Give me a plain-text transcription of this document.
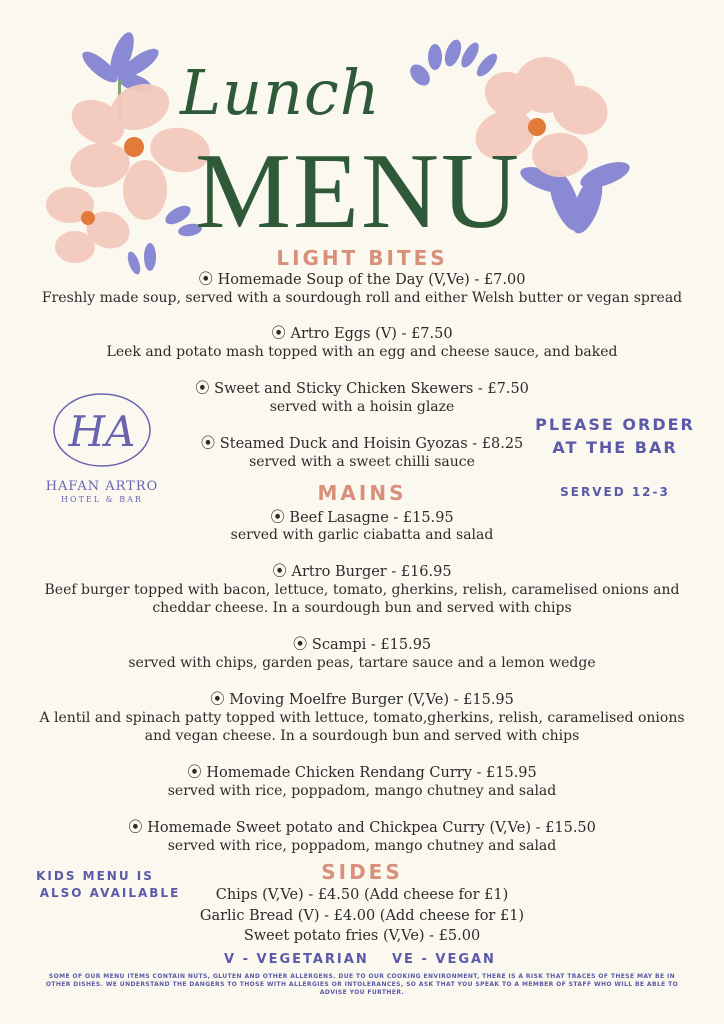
Lunch
MENU
LIGHT BITES
⦿ Homemade Soup of the Day (V,Ve) - £7.00
Freshly made soup, served with a sourdough roll and either Welsh butter or vegan spread
⦿ Artro Eggs (V) - £7.50
Leek and potato mash topped with an egg and cheese sauce, and baked
⦿ Sweet and Sticky Chicken Skewers - £7.50
served with a hoisin glaze
⦿ Steamed Duck and Hoisin Gyozas - £8.25
served with a sweet chilli sauce
MAINS
⦿ Beef Lasagne - £15.95
served with garlic ciabatta and salad
⦿ Artro Burger - £16.95
Beef burger topped with bacon, lettuce, tomato, gherkins, relish, caramelised onions and
cheddar cheese. In a sourdough bun and served with chips
⦿ Scampi - £15.95
served with chips, garden peas, tartare sauce and a lemon wedge
⦿ Moving Moelfre Burger (V,Ve) - £15.95
A lentil and spinach patty topped with lettuce, tomato,gherkins, relish, caramelised onions
and vegan cheese. In a sourdough bun and served with chips
⦿ Homemade Chicken Rendang Curry - £15.95
served with rice, poppadom, mango chutney and salad
⦿ Homemade Sweet potato and Chickpea Curry (V,Ve) - £15.50
served with rice, poppadom, mango chutney and salad
SIDES
Chips (V,Ve) - £4.50 (Add cheese for £1)
Garlic Bread (V) - £4.00 (Add cheese for £1)
Sweet potato fries (V,Ve) - £5.00
HA
HAFAN ARTRO
HOTEL & BAR
PLEASE ORDER
AT THE BAR
SERVED 12-3
KIDS MENU IS
ALSO AVAILABLE
V - VEGETARIAN VE - VEGAN
SOME OF OUR MENU ITEMS CONTAIN NUTS, GLUTEN AND OTHER ALLERGENS. DUE TO OUR COOKING ENVIRONMENT, THERE IS A RISK THAT TRACES OF THESE MAY BE IN OTHER DISHES. WE UNDERSTAND THE DANGERS TO THOSE WITH ALLERGIES OR INTOLERANCES, SO ASK THAT YOU SPEAK TO A MEMBER OF STAFF WHO WILL BE ABLE TO ADVISE YOU FURTHER.
